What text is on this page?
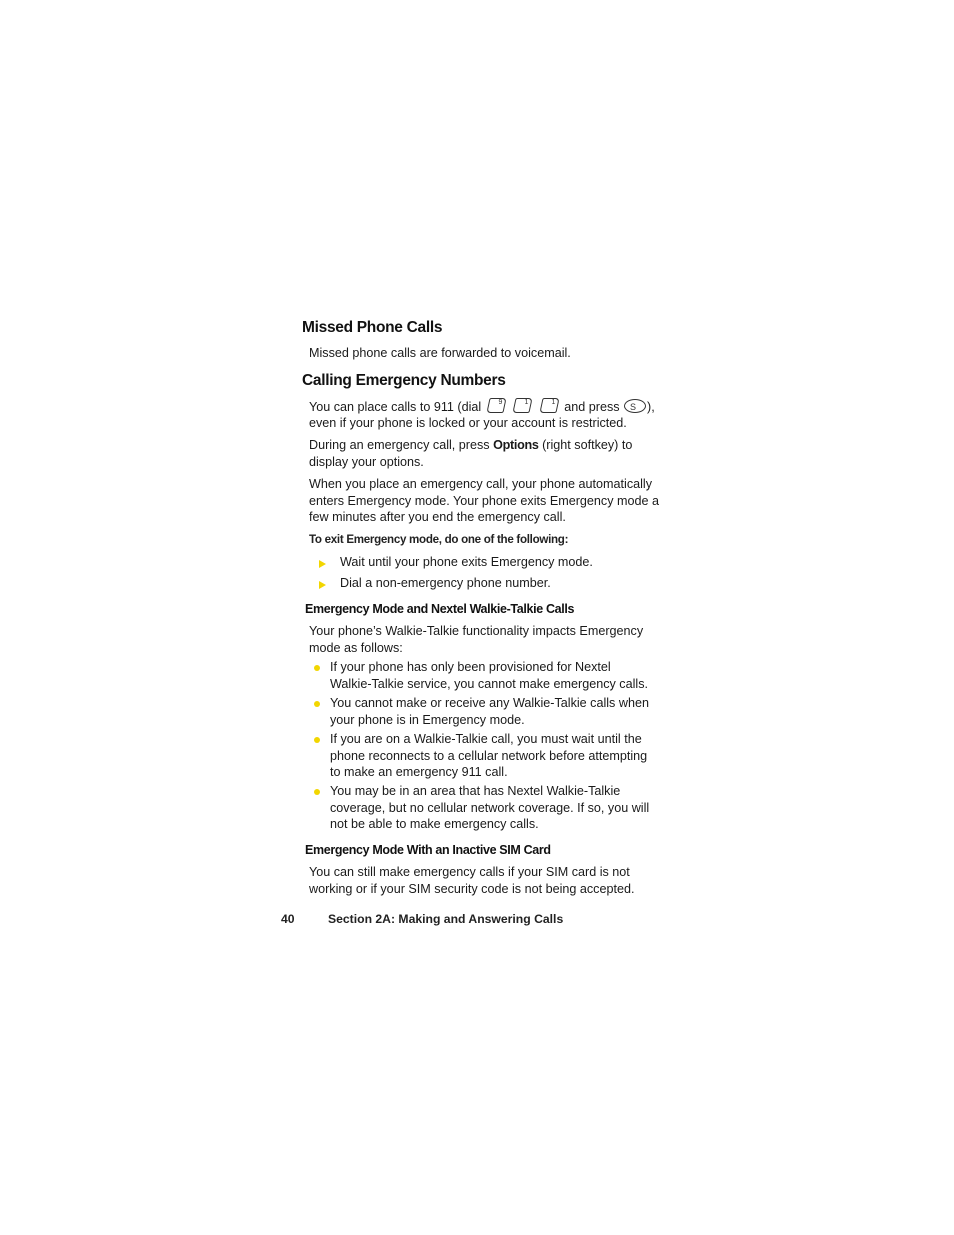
Missed Phone Calls

Missed phone calls are forwarded to voicemail.

Calling Emergency Numbers

You can place calls to 911 (dial 9
	1
	1 and press S ),

even if your phone is locked or your account is restricted.

During an emergency call, press Options (right softkey) to

display your options.

When you place an emergency call, your phone automatically

enters Emergency mode. Your phone exits Emergency mode a

few minutes after you end the emergency call.

To exit Emergency mode, do one of the following:

Wait until your phone exits Emergency mode.

Dial a non-emergency phone number.

Emergency Mode and Nextel Walkie-Talkie Calls

Your phone’s Walkie-Talkie functionality impacts Emergency

mode as follows:

If your phone has only been provisioned for Nextel

Walkie-Talkie service, you cannot make emergency calls.

You cannot make or receive any Walkie-Talkie calls when

your phone is in Emergency mode.

If you are on a Walkie-Talkie call, you must wait until the

phone reconnects to a cellular network before attempting

to make an emergency 911 call.

You may be in an area that has Nextel Walkie-Talkie

coverage, but no cellular network coverage. If so, you will

not be able to make emergency calls.

Emergency Mode With an Inactive SIM Card

You can still make emergency calls if your SIM card is not

working or if your SIM security code is not being accepted.

40	Section 2A: Making and Answering Calls
